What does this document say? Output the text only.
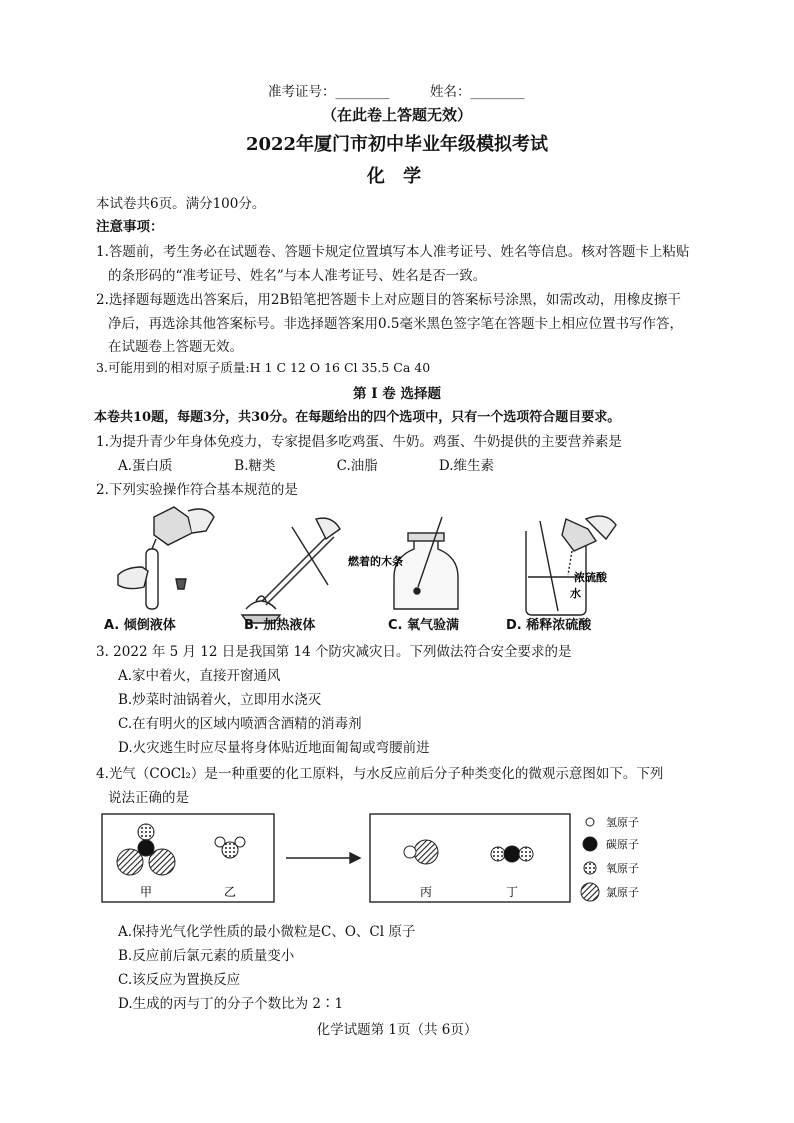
准考证号：________	姓名：________
（在此卷上答题无效）
2022年厦门市初中毕业年级模拟考试
化 学
本试卷共6页。满分100分。
注意事项：
1.答题前，考生务必在试题卷、答题卡规定位置填写本人准考证号、姓名等信息。核对答题卡上粘贴
的条形码的“准考证号、姓名”与本人准考证号、姓名是否一致。
2.选择题每题选出答案后，用2B铅笔把答题卡上对应题目的答案标号涂黑，如需改动，用橡皮擦干
净后，再选涂其他答案标号。非选择题答案用0.5毫米黑色签字笔在答题卡上相应位置书写作答，
在试题卷上答题无效。
3.可能用到的相对原子质量:H 1 C 12 O 16 Cl 35.5 Ca 40
第 I 卷 选择题
本卷共10题，每题3分，共30分。在每题给出的四个选项中，只有一个选项符合题目要求。
1.为提升青少年身体免疫力，专家提倡多吃鸡蛋、牛奶。鸡蛋、牛奶提供的主要营养素是
A.蛋白质	B.糖类	C.油脂	D.维生素
2.下列实验操作符合基本规范的是
燃着的木条
浓硫酸
水
A. 倾倒液体	B. 加热液体	C. 氧气验满	D. 稀释浓硫酸
3. 2022 年 5 月 12 日是我国第 14 个防灾减灾日。下列做法符合安全要求的是
A.家中着火，直接开窗通风
B.炒菜时油锅着火，立即用水浇灭
C.在有明火的区域内喷洒含酒精的消毒剂
D.火灾逃生时应尽量将身体贴近地面匍匐或弯腰前进
4.光气（COCl₂）是一种重要的化工原料，与水反应前后分子种类变化的微观示意图如下。下列
说法正确的是
甲	乙	丙	丁
氢原子
碳原子
氧原子
氯原子
A.保持光气化学性质的最小微粒是C、O、Cl 原子
B.反应前后氯元素的质量变小
C.该反应为置换反应
D.生成的丙与丁的分子个数比为 2∶1
化学试题第 1页（共 6页）
